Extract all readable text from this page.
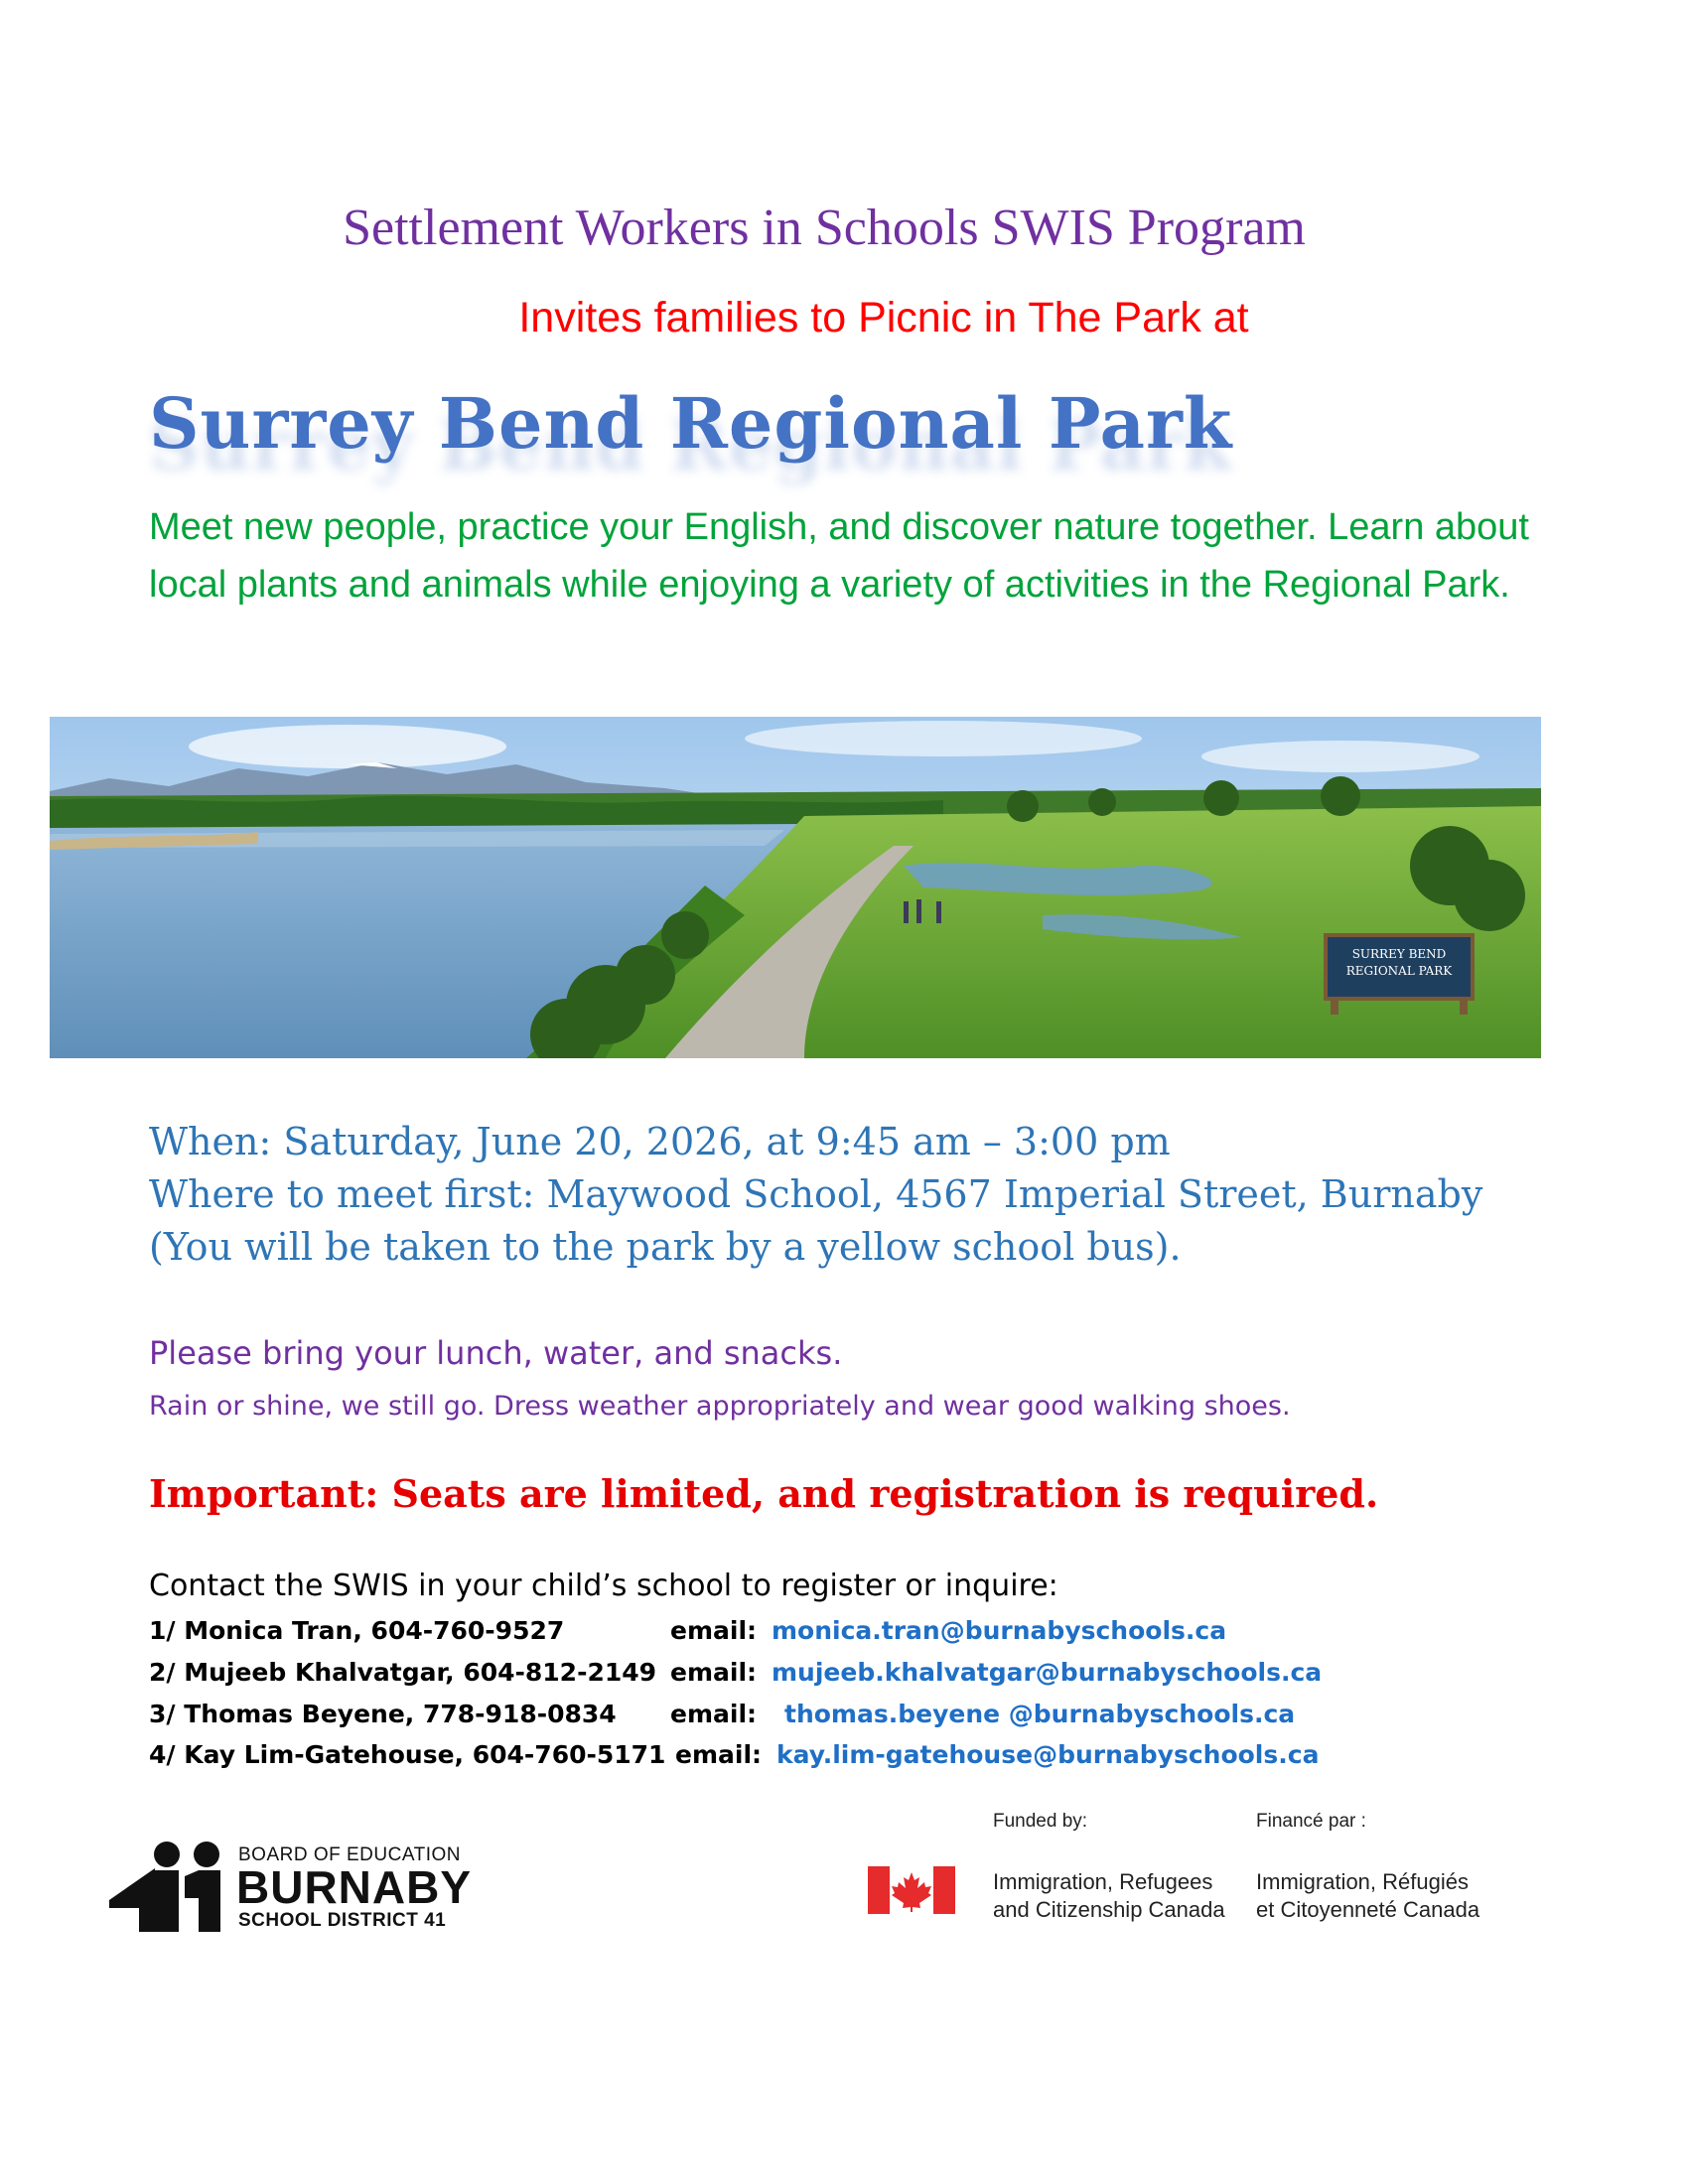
Settlement Workers in Schools SWIS Program
Invites families to Picnic in The Park at
Surrey Bend Regional Park
Meet new people, practice your English, and discover nature together. Learn about local plants and animals while enjoying a variety of activities in the Regional Park.
SURREY BEND
REGIONAL PARK
When: Saturday, June 20, 2026, at 9:45 am – 3:00 pm
Where to meet first: Maywood School, 4567 Imperial Street, Burnaby
(You will be taken to the park by a yellow school bus).
Please bring your lunch, water, and snacks.
Rain or shine, we still go. Dress weather appropriately and wear good walking shoes.
Important: Seats are limited, and registration is required.
Contact the SWIS in your child’s school to register or inquire:
1/ Monica Tran, 604-760-9527	email: monica.tran@burnabyschools.ca
2/ Mujeeb Khalvatgar, 604-812-2149 email: mujeeb.khalvatgar@burnabyschools.ca
3/ Thomas Beyene, 778-918-0834 email: thomas.beyene @burnabyschools.ca
4/ Kay Lim-Gatehouse, 604-760-5171 email: kay.lim-gatehouse@burnabyschools.ca
BOARD OF EDUCATION
BURNABY
SCHOOL DISTRICT 41
Funded by:	Financé par :
Immigration, Refugees
and Citizenship Canada
Immigration, Réfugiés
et Citoyenneté Canada
